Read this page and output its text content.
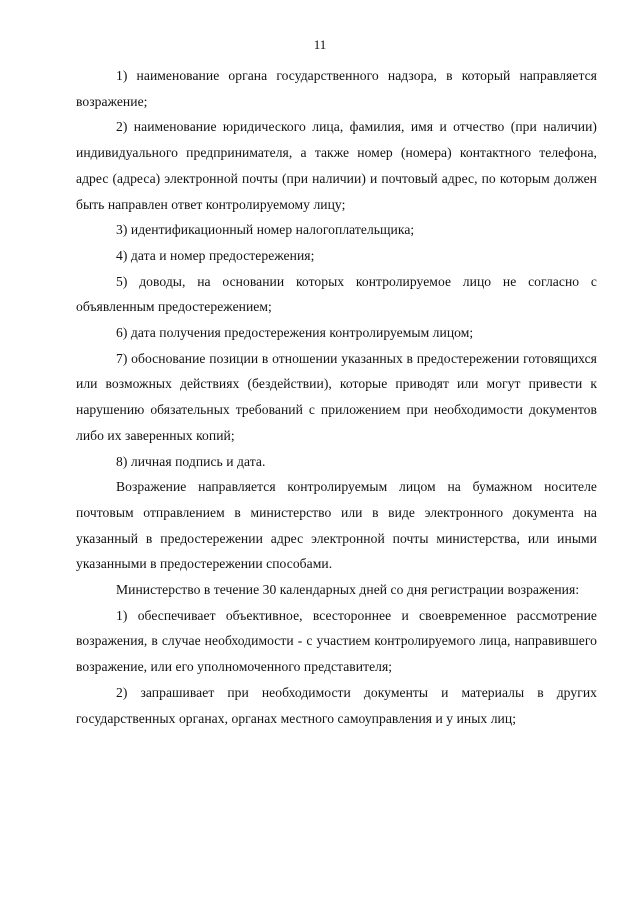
11

1) наименование органа государственного надзора, в который направляется возражение;

2) наименование юридического лица, фамилия, имя и отчество (при наличии) индивидуального предпринимателя, а также номер (номера) контактного телефона, адрес (адреса) электронной почты (при наличии) и почтовый адрес, по которым должен быть направлен ответ контролируемому лицу;

3) идентификационный номер налогоплательщика;

4) дата и номер предостережения;

5) доводы, на основании которых контролируемое лицо не согласно с объявленным предостережением;

6) дата получения предостережения контролируемым лицом;

7) обоснование позиции в отношении указанных в предостережении готовящихся или возможных действиях (бездействии), которые приводят или могут привести к нарушению обязательных требований с приложением при необходимости документов либо их заверенных копий;

8) личная подпись и дата.

Возражение направляется контролируемым лицом на бумажном носителе почтовым отправлением в министерство или в виде электронного документа на указанный в предостережении адрес электронной почты министерства, или иными указанными в предостережении способами.

Министерство в течение 30 календарных дней со дня регистрации возражения:

1) обеспечивает объективное, всестороннее и своевременное рассмотрение возражения, в случае необходимости - с участием контролируемого лица, направившего возражение, или его уполномоченного представителя;

2) запрашивает при необходимости документы и материалы в других государственных органах, органах местного самоуправления и у иных лиц;
